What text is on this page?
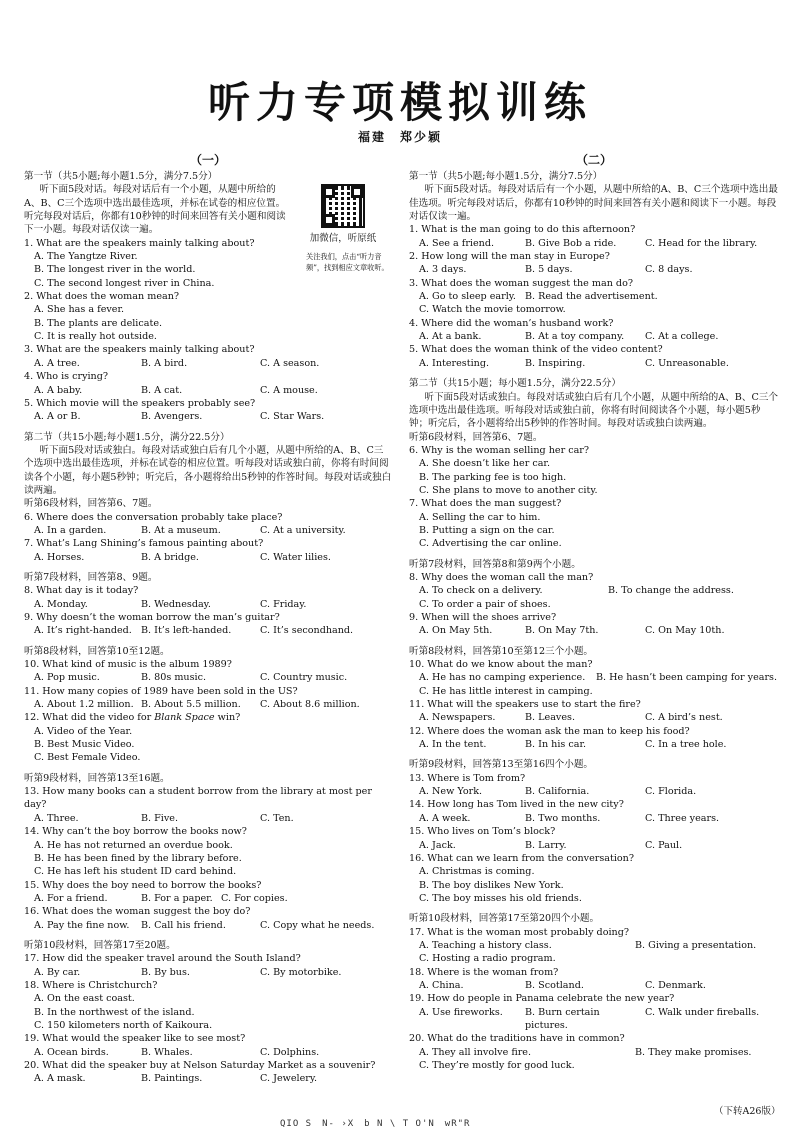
听力专项模拟训练
福建　郑少颖
（一）
加微信，听原纸
关注我们，点击“听力音频”，找到相应文章收听。
第一节（共5小题;每小题1.5分，满分7.5分）
听下面5段对话。每段对话后有一个小题，从题中所给的A、B、C三个选项中选出最佳选项，并标在试卷的相应位置。听完每段对话后，你都有10秒钟的时间来回答有关小题和阅读下一小题。每段对话仅读一遍。
1. What are the speakers mainly talking about?
A. The Yangtze River.
B. The longest river in the world.
C. The second longest river in China.
2. What does the woman mean?
A. She has a fever.
B. The plants are delicate.
C. It is really hot outside.
3. What are the speakers mainly talking about?
A. A tree.	B. A bird.	C. A season.
4. Who is crying?
A. A baby.	B. A cat.	C. A mouse.
5. Which movie will the speakers probably see?
A. A or B.	B. Avengers.	C. Star Wars.
第二节（共15小题;每小题1.5分，满分22.5分）
听下面5段对话或独白。每段对话或独白后有几个小题，从题中所给的A、B、C三个选项中选出最佳选项，并标在试卷的相应位置。听每段对话或独白前，你将有时间阅读各个小题，每小题5秒钟；听完后，各小题将给出5秒钟的作答时间。每段对话或独白读两遍。
听第6段材料，回答第6、7题。
6. Where does the conversation probably take place?
A. In a garden.	B. At a museum.	C. At a university.
7. What’s Lang Shining’s famous painting about?
A. Horses.	B. A bridge.	C. Water lilies.
听第7段材料，回答第8、9题。
8. What day is it today?
A. Monday.	B. Wednesday.	C. Friday.
9. Why doesn’t the woman borrow the man’s guitar?
A. It’s right-handed. B. It’s left-handed.	C. It’s secondhand.
听第8段材料，回答第10至12题。
10. What kind of music is the album 1989?
A. Pop music.	B. 80s music.	C. Country music.
11. How many copies of 1989 have been sold in the US?
A. About 1.2 million. B. About 5.5 million.	C. About 8.6 million.
12. What did the video for Blank Space win?
A. Video of the Year.
B. Best Music Video.
C. Best Female Video.
听第9段材料，回答第13至16题。
13. How many books can a student borrow from the library at most per day?
A. Three.	B. Five.	C. Ten.
14. Why can’t the boy borrow the books now?
A. He has not returned an overdue book.
B. He has been fined by the library before.
C. He has left his student ID card behind.
15. Why does the boy need to borrow the books?
A. For a friend.	B. For a paper. C. For copies.
16. What does the woman suggest the boy do?
A. Pay the fine now.	B. Call his friend.	C. Copy what he needs.
听第10段材料，回答第17至20题。
17. How did the speaker travel around the South Island?
A. By car.	B. By bus.	C. By motorbike.
18. Where is Christchurch?
A. On the east coast.
B. In the northwest of the island.
C. 150 kilometers north of Kaikoura.
19. What would the speaker like to see most?
A. Ocean birds.	B. Whales.	C. Dolphins.
20. What did the speaker buy at Nelson Saturday Market as a souvenir?
A. A mask.	B. Paintings.	C. Jewelery.
（二）
第一节（共5小题;每小题1.5分，满分7.5分）
听下面5段对话。每段对话后有一个小题，从题中所给的A、B、C三个选项中选出最佳选项。听完每段对话后，你都有10秒钟的时间来回答有关小题和阅读下一小题。每段对话仅读一遍。
1. What is the man going to do this afternoon?
A. See a friend.	B. Give Bob a ride.	C. Head for the library.
2. How long will the man stay in Europe?
A. 3 days.	B. 5 days.	C. 8 days.
3. What does the woman suggest the man do?
A. Go to sleep early. B. Read the advertisement.
C. Watch the movie tomorrow.
4. Where did the woman’s husband work?
A. At a bank.	B. At a toy company.	C. At a college.
5. What does the woman think of the video content?
A. Interesting.	B. Inspiring.	C. Unreasonable.
第二节（共15小题；每小题1.5分，满分22.5分）
听下面5段对话或独白。每段对话或独白后有几个小题，从题中所给的A、B、C三个选项中选出最佳选项。听每段对话或独白前，你将有时间阅读各个小题，每小题5秒钟；听完后，各小题将给出5秒钟的作答时间。每段对话或独白读两遍。
听第6段材料，回答第6、7题。
6. Why is the woman selling her car?
A. She doesn’t like her car.
B. The parking fee is too high.
C. She plans to move to another city.
7. What does the man suggest?
A. Selling the car to him.
B. Putting a sign on the car.
C. Advertising the car online.
听第7段材料，回答第8和第9两个小题。
8. Why does the woman call the man?
A. To check on a delivery.	B. To change the address.
C. To order a pair of shoes.
9. When will the shoes arrive?
A. On May 5th.	B. On May 7th.	C. On May 10th.
听第8段材料，回答第10至第12三个小题。
10. What do we know about the man?
A. He has no camping experience.	B. He hasn’t been camping for years.
C. He has little interest in camping.
11. What will the speakers use to start the fire?
A. Newspapers.	B. Leaves.	C. A bird’s nest.
12. Where does the woman ask the man to keep his food?
A. In the tent.	B. In his car.	C. In a tree hole.
听第9段材料，回答第13至第16四个小题。
13. Where is Tom from?
A. New York.	B. California.	C. Florida.
14. How long has Tom lived in the new city?
A. A week.	B. Two months.	C. Three years.
15. Who lives on Tom’s block?
A. Jack.	B. Larry.	C. Paul.
16. What can we learn from the conversation?
A. Christmas is coming.
B. The boy dislikes New York.
C. The boy misses his old friends.
听第10段材料，回答第17至第20四个小题。
17. What is the woman most probably doing?
A. Teaching a history class.	B. Giving a presentation.
C. Hosting a radio program.
18. Where is the woman from?
A. China.	B. Scotland.	C. Denmark.
19. How do people in Panama celebrate the new year?
A. Use fireworks.	B. Burn certain pictures.
C. Walk under fireballs.
20. What do the traditions have in common?
A. They all involve fire.	B. They make promises.
C. They’re mostly for good luck.
（下转A26版）
QIO S　N- ›X　b N \ T O'N　wR"R
